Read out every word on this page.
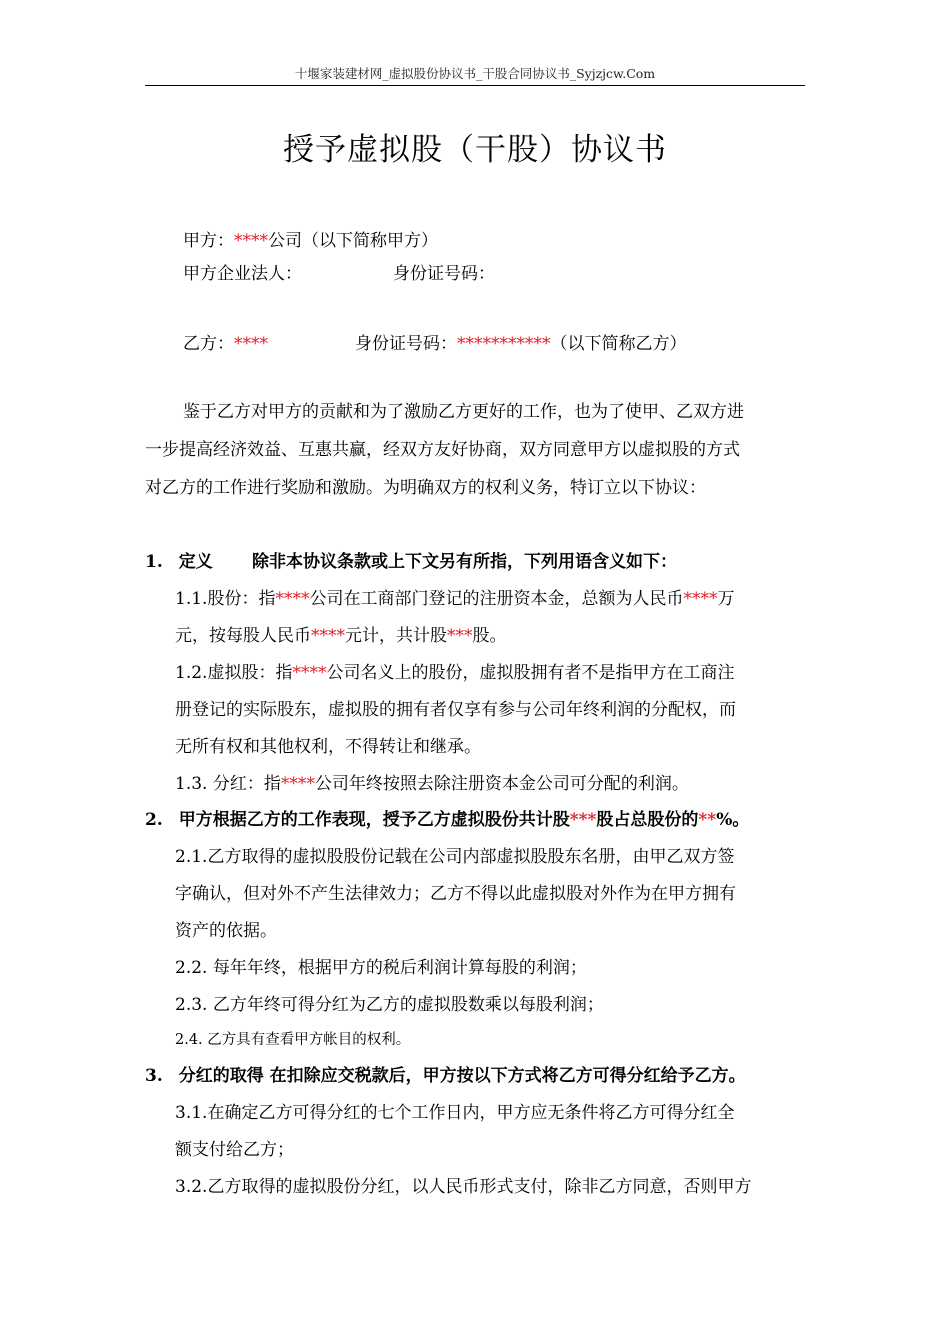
十堰家装建材网_虚拟股份协议书_干股合同协议书_Syjzjcw.Com
授予虚拟股（干股）协议书
甲方：****公司（以下简称甲方）
甲方企业法人：	身份证号码：
乙方：****	身份证号码：***********（以下简称乙方）
鉴于乙方对甲方的贡献和为了激励乙方更好的工作，也为了使甲、乙双方进
一步提高经济效益、互惠共赢，经双方友好协商，双方同意甲方以虚拟股的方式
对乙方的工作进行奖励和激励。为明确双方的权利义务，特订立以下协议：
1. 定义 除非本协议条款或上下文另有所指，下列用语含义如下：
1.1.股份：指****公司在工商部门登记的注册资本金，总额为人民币****万
元，按每股人民币****元计，共计股***股。
1.2.虚拟股：指****公司名义上的股份，虚拟股拥有者不是指甲方在工商注
册登记的实际股东，虚拟股的拥有者仅享有参与公司年终利润的分配权，而
无所有权和其他权利，不得转让和继承。
1.3. 分红：指****公司年终按照去除注册资本金公司可分配的利润。
2. 甲方根据乙方的工作表现，授予乙方虚拟股份共计股***股占总股份的**%。
2.1.乙方取得的虚拟股股份记载在公司内部虚拟股股东名册，由甲乙双方签
字确认，但对外不产生法律效力；乙方不得以此虚拟股对外作为在甲方拥有
资产的依据。
2.2. 每年年终，根据甲方的税后利润计算每股的利润；
2.3. 乙方年终可得分红为乙方的虚拟股数乘以每股利润；
2.4. 乙方具有查看甲方帐目的权利。
3. 分红的取得 在扣除应交税款后，甲方按以下方式将乙方可得分红给予乙方。
3.1.在确定乙方可得分红的七个工作日内，甲方应无条件将乙方可得分红全
额支付给乙方；
3.2.乙方取得的虚拟股份分红，以人民币形式支付，除非乙方同意，否则甲方
